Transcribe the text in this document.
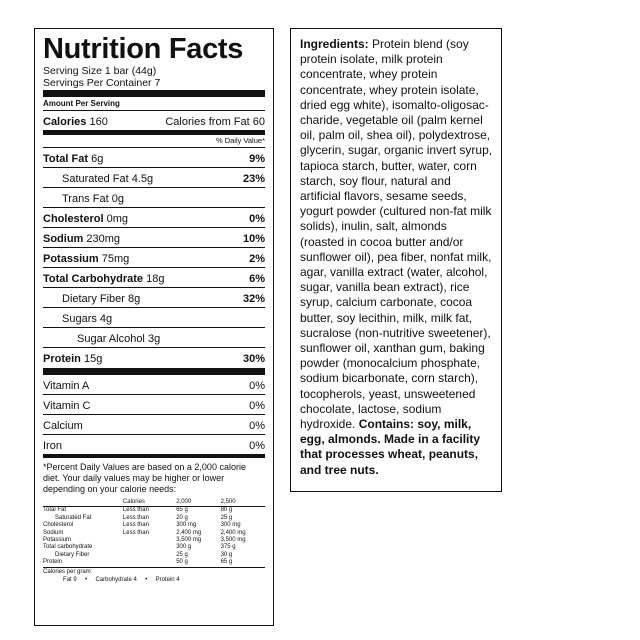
Nutrition Facts
Serving Size 1 bar (44g)
Servings Per Container 7
Amount Per Serving
Calories 160	Calories from Fat 60
% Daily Value*
Total Fat 6g	9%
Saturated Fat 4.5g	23%
Trans Fat 0g
Cholesterol 0mg	0%
Sodium 230mg	10%
Potassium 75mg	2%
Total Carbohydrate 18g	6%
Dietary Fiber 8g	32%
Sugars 4g
Sugar Alcohol 3g
Protein 15g	30%
Vitamin A	0%
Vitamin C	0%
Calcium	0%
Iron	0%
*Percent Daily Values are based on a 2,000 calorie diet. Your daily values may be higher or lower depending on your calorie needs:
	Calories	2,000	2,500
Total Fat	Less than	65 g	80 g
Saturated Fat	Less than	20 g	25 g
Cholesterol	Less than	300 mg	300 mg
Sodium	Less than	2,400 mg	2,400 mg
Potassium		3,500 mg	3,500 mg
Total carbohydrate		300 g	375 g
Dietary Fiber		25 g	30 g
Protein		50 g	65 g
Calories per gram:
Fat 9     •     Carbohydrate 4     •     Protein 4

Ingredients: Protein blend (soy protein isolate, milk protein concentrate, whey protein concentrate, whey protein isolate, dried egg white), isomalto-oligosac-charide, vegetable oil (palm kernel oil, palm oil, shea oil), polydextrose, glycerin, sugar, organic invert syrup, tapioca starch, butter, water, corn starch, soy flour, natural and artificial flavors, sesame seeds, yogurt powder (cultured non-fat milk solids), inulin, salt, almonds (roasted in cocoa butter and/or sunflower oil), pea fiber, nonfat milk, agar, vanilla extract (water, alcohol, sugar, vanilla bean extract), rice syrup, calcium carbonate, cocoa butter, soy lecithin, milk, milk fat, sucralose (non-nutritive sweetener), sunflower oil, xanthan gum, baking powder (monocalcium phosphate, sodium bicarbonate, corn starch), tocopherols, yeast, unsweetened chocolate, lactose, sodium hydroxide. Contains: soy, milk, egg, almonds. Made in a facility that processes wheat, peanuts, and tree nuts.
